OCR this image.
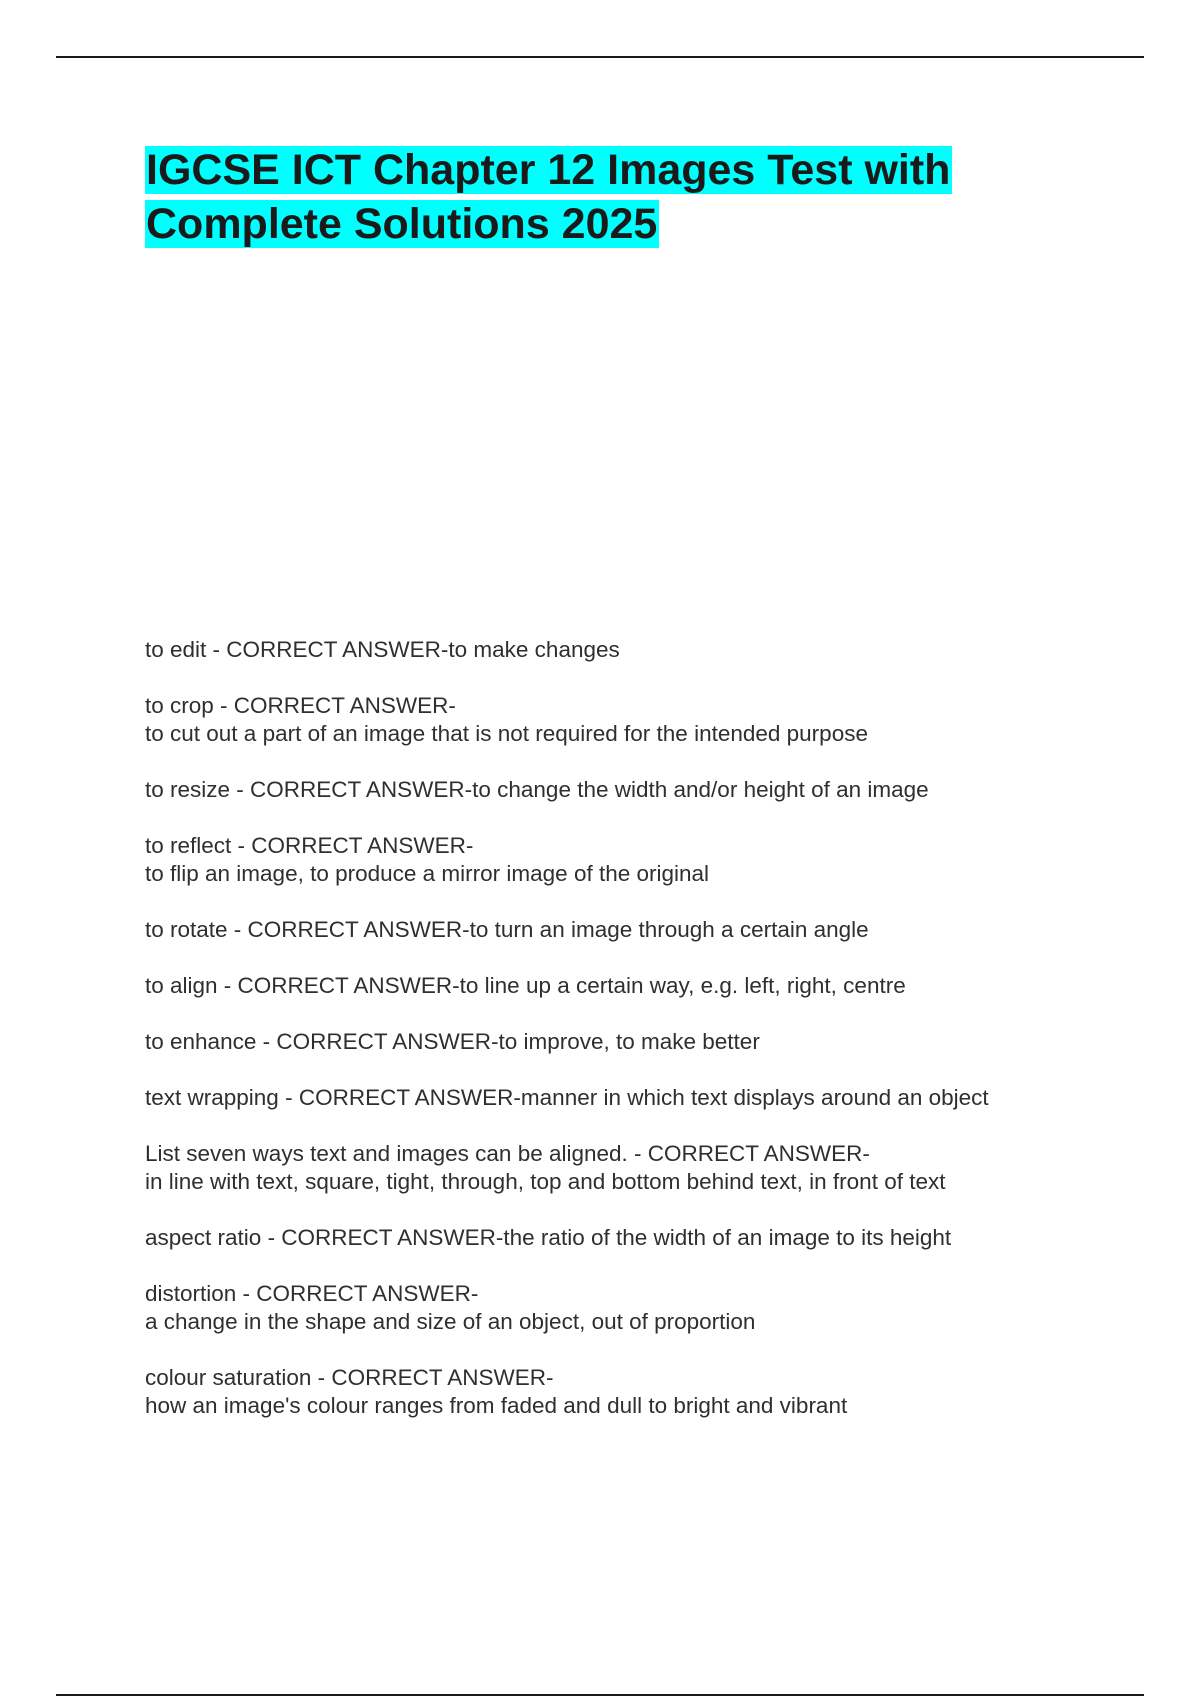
IGCSE ICT Chapter 12 Images Test with Complete Solutions 2025
to edit - CORRECT ANSWER-to make changes
to crop - CORRECT ANSWER-
to cut out a part of an image that is not required for the intended purpose
to resize - CORRECT ANSWER-to change the width and/or height of an image
to reflect - CORRECT ANSWER-
to flip an image, to produce a mirror image of the original
to rotate - CORRECT ANSWER-to turn an image through a certain angle
to align - CORRECT ANSWER-to line up a certain way, e.g. left, right, centre
to enhance - CORRECT ANSWER-to improve, to make better
text wrapping - CORRECT ANSWER-manner in which text displays around an object
List seven ways text and images can be aligned. - CORRECT ANSWER-
in line with text, square, tight, through, top and bottom behind text, in front of text
aspect ratio - CORRECT ANSWER-the ratio of the width of an image to its height
distortion - CORRECT ANSWER-
a change in the shape and size of an object, out of proportion
colour saturation - CORRECT ANSWER-
how an image's colour ranges from faded and dull to bright and vibrant
